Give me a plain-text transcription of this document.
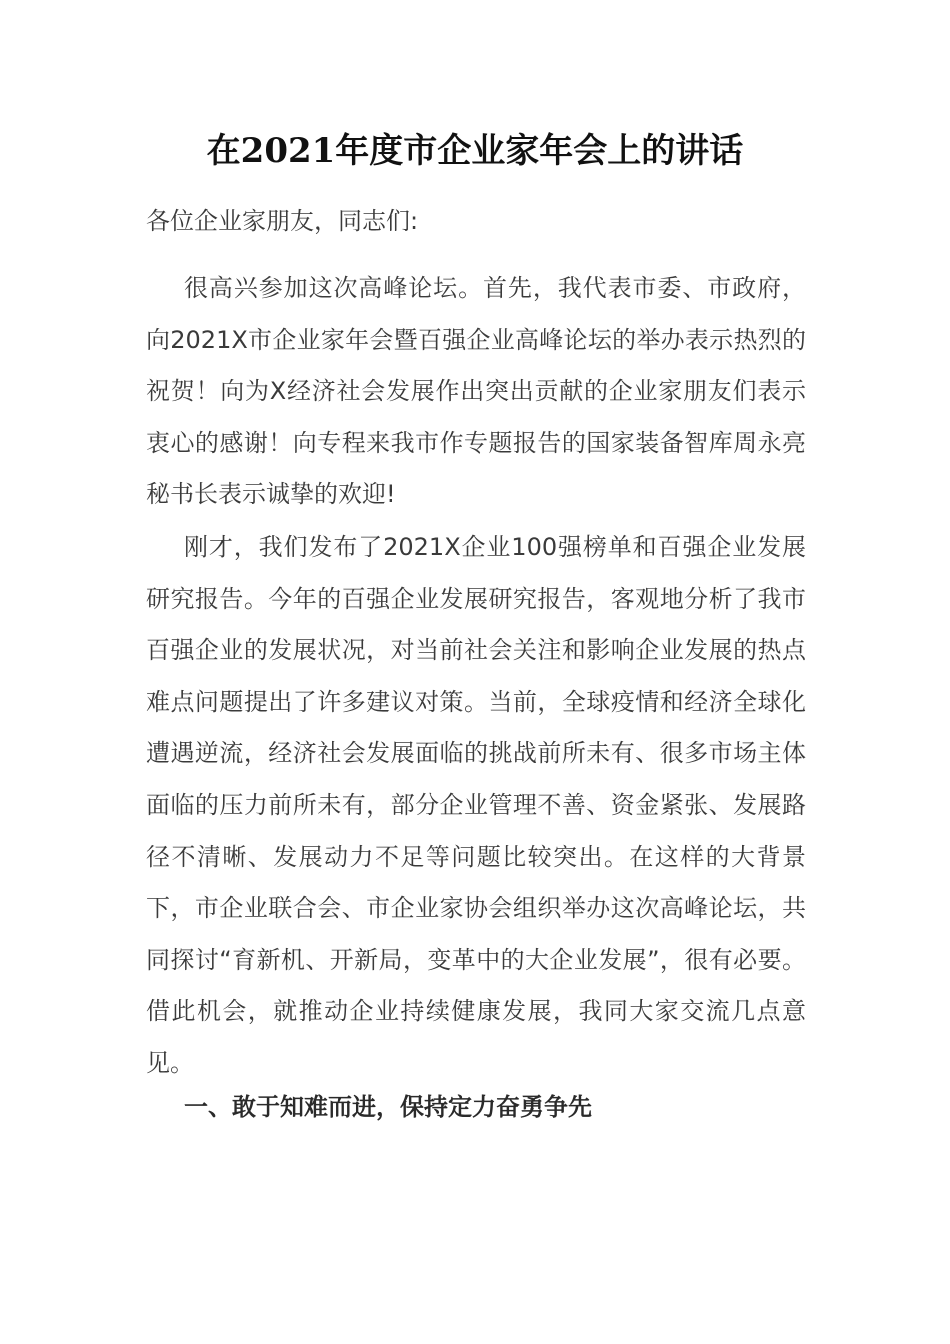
在2021年度市企业家年会上的讲话

各位企业家朋友，同志们:

很高兴参加这次高峰论坛。首先，我代表市委、市政府，向2021X市企业家年会暨百强企业高峰论坛的举办表示热烈的祝贺！向为X经济社会发展作出突出贡献的企业家朋友们表示衷心的感谢！向专程来我市作专题报告的国家装备智库周永亮秘书长表示诚挚的欢迎!

刚才，我们发布了2021X企业100强榜单和百强企业发展研究报告。今年的百强企业发展研究报告，客观地分析了我市百强企业的发展状况，对当前社会关注和影响企业发展的热点难点问题提出了许多建议对策。当前，全球疫情和经济全球化遭遇逆流，经济社会发展面临的挑战前所未有、很多市场主体面临的压力前所未有，部分企业管理不善、资金紧张、发展路径不清晰、发展动力不足等问题比较突出。在这样的大背景下，市企业联合会、市企业家协会组织举办这次高峰论坛，共同探讨“育新机、开新局，变革中的大企业发展”，很有必要。借此机会，就推动企业持续健康发展，我同大家交流几点意见。

一、敢于知难而进，保持定力奋勇争先
